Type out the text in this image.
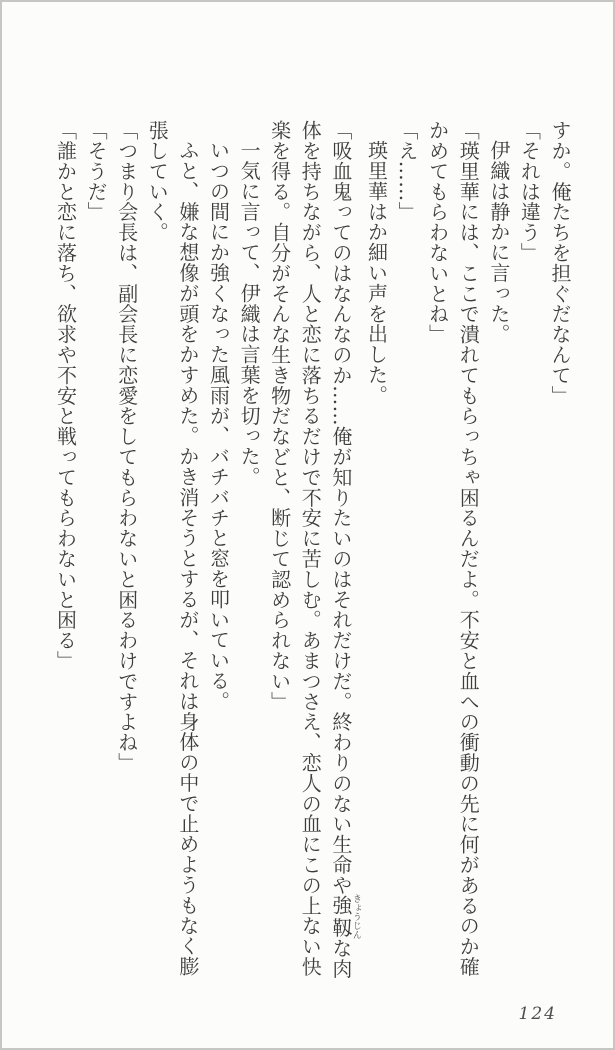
すか。俺たちを担ぐだなんて」

「それは違う」

伊織は静かに言った。

「瑛里華には、ここで潰れてもらっちゃ困るんだよ。不安と血への衝動の先に何があるのか確

かめてもらわないとね」

「え……」

瑛里華はか細い声を出した。

「吸血鬼ってのはなんなのか……俺が知りたいのはそれだけだ。終わりのない生命や強靱きょうじんな肉

体を持ちながら、人と恋に落ちるだけで不安に苦しむ。あまつさえ、恋人の血にこの上ない快

楽を得る。自分がそんな生き物だなどと、断じて認められない」

一気に言って、伊織は言葉を切った。

いつの間にか強くなった風雨が、バチバチと窓を叩いている。

ふと、嫌な想像が頭をかすめた。かき消そうとするが、それは身体の中で止めようもなく膨

張していく。

「つまり会長は、副会長に恋愛をしてもらわないと困るわけですよね」

「そうだ」

「誰かと恋に落ち、欲求や不安と戦ってもらわないと困る」

124
